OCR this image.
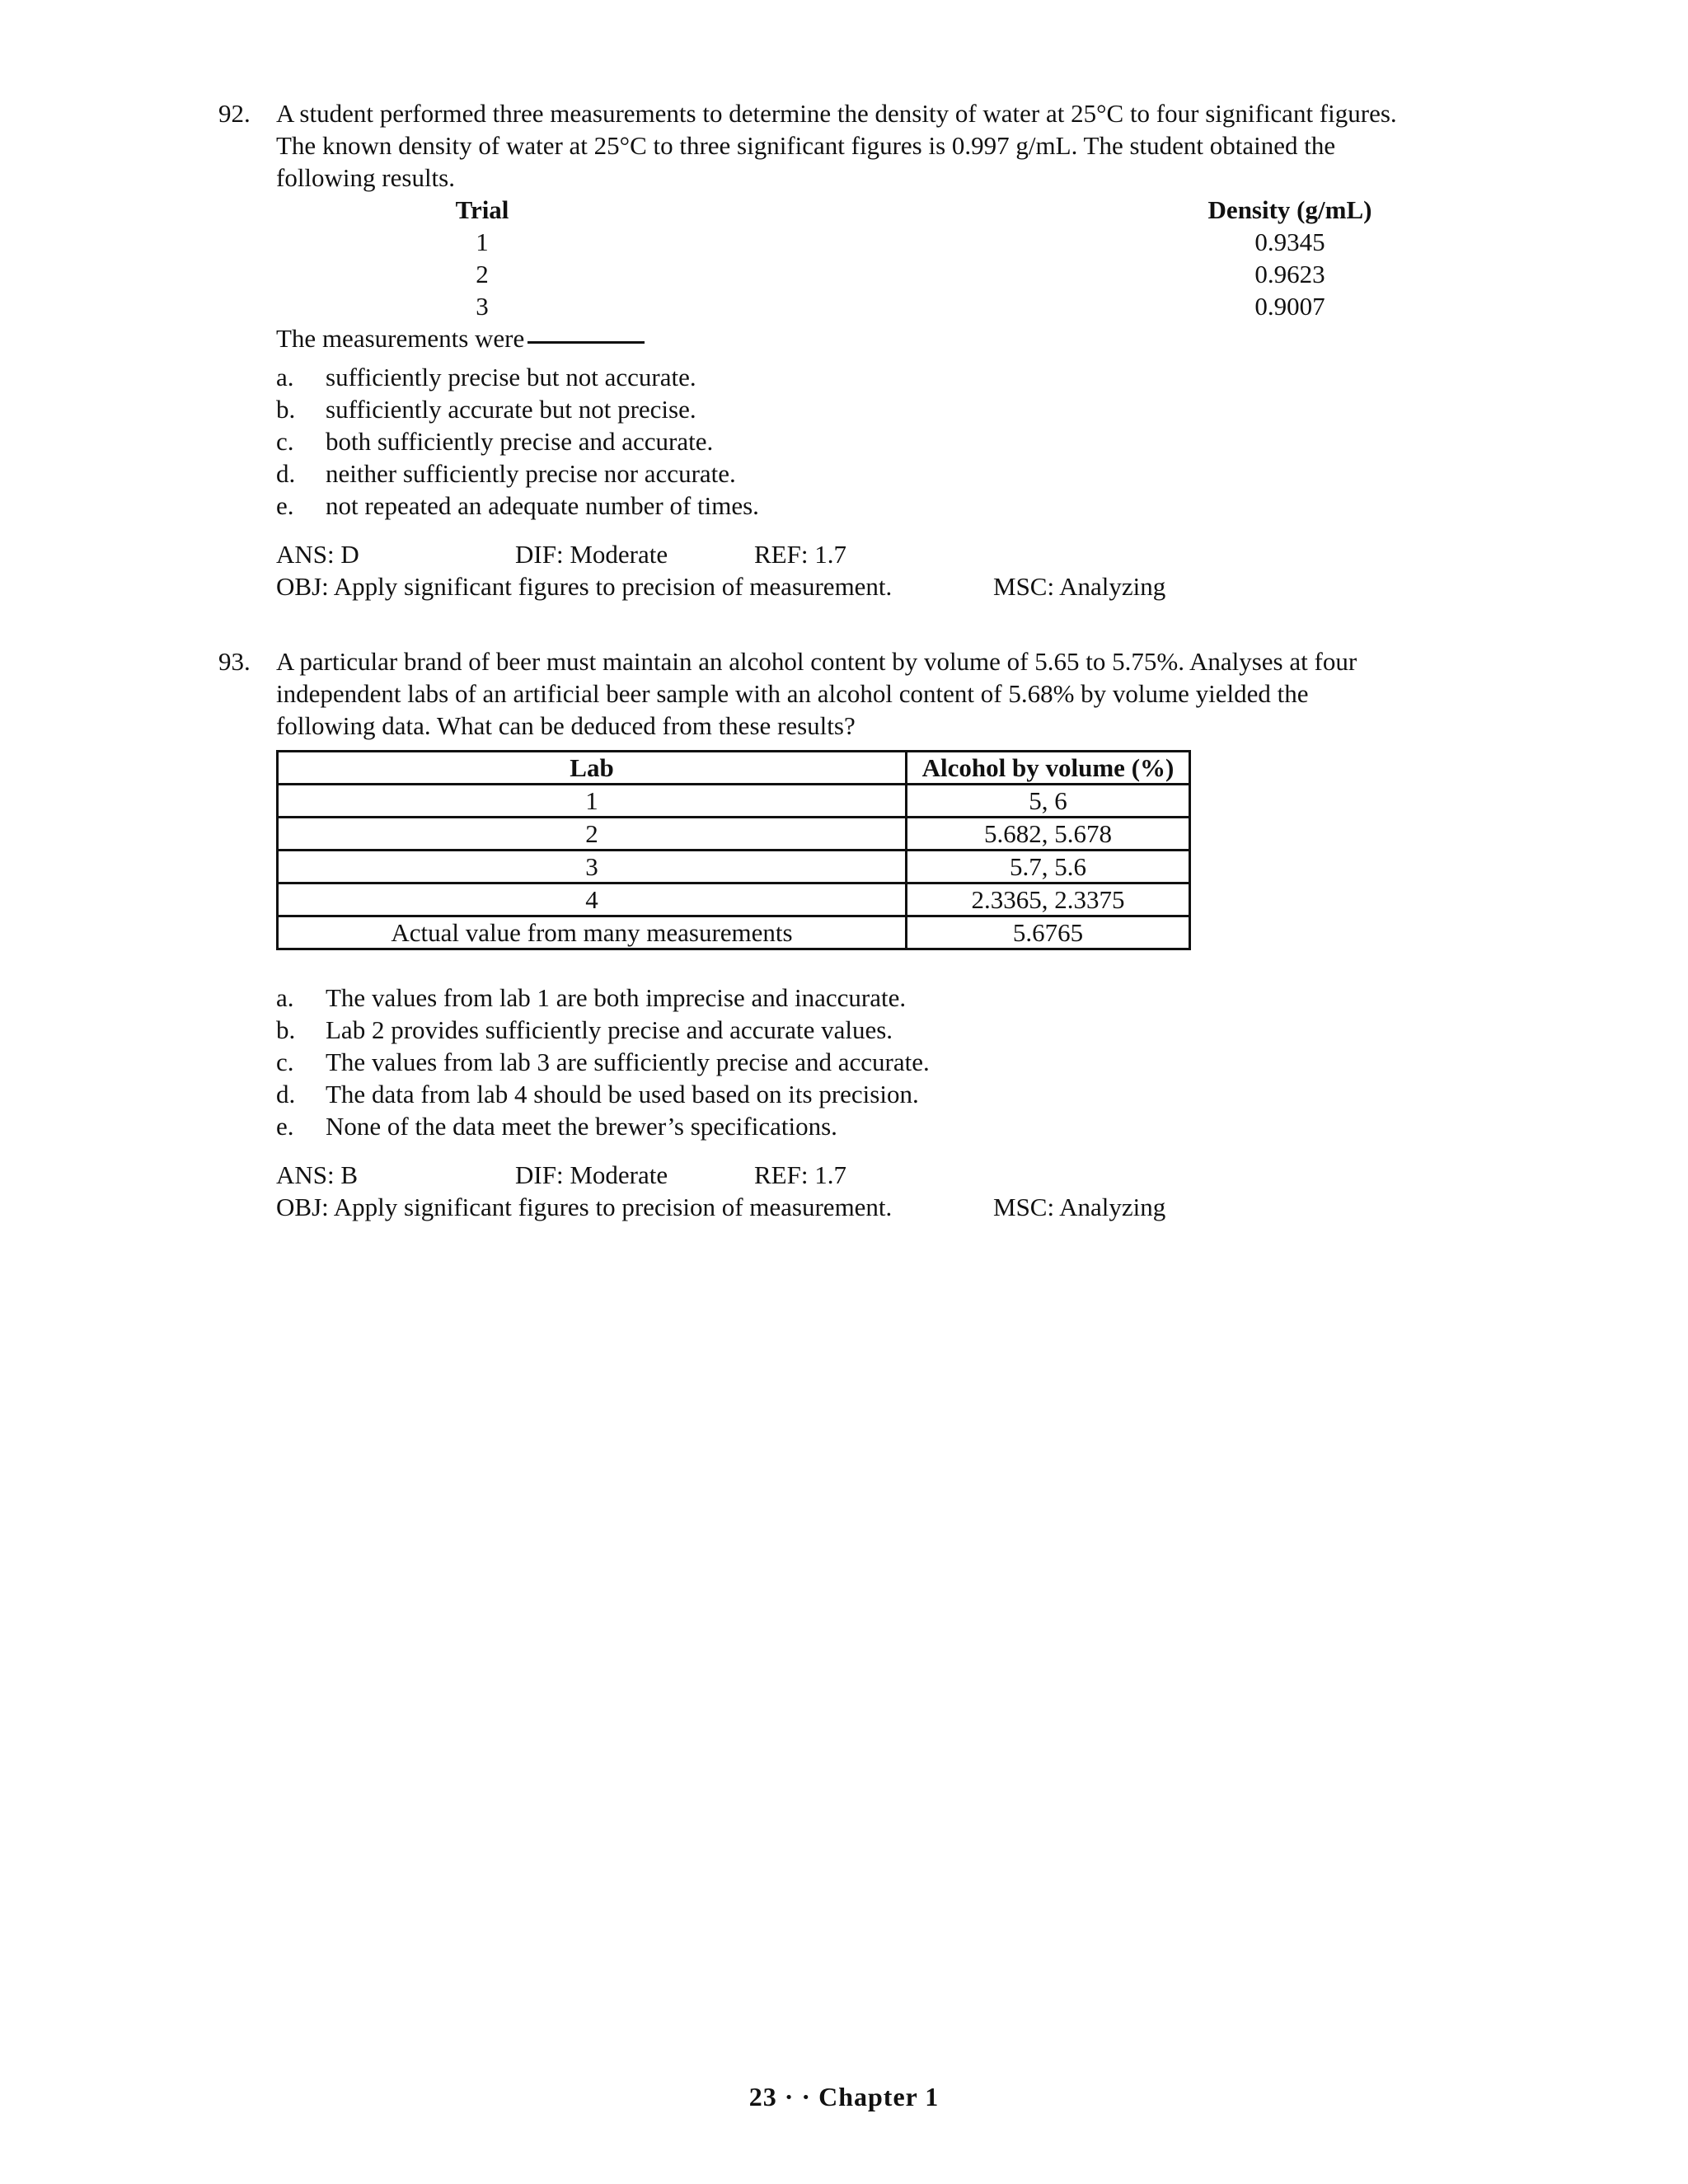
92. A student performed three measurements to determine the density of water at 25°C to four significant figures. The known density of water at 25°C to three significant figures is 0.997 g/mL. The student obtained the following results.

Trial	Density (g/mL)
1	0.9345
2	0.9623
3	0.9007
The measurements were
a. sufficiently precise but not accurate.
b. sufficiently accurate but not precise.
c. both sufficiently precise and accurate.
d. neither sufficiently precise nor accurate.
e. not repeated an adequate number of times.
ANS: D	DIF: Moderate	REF: 1.7
OBJ: Apply significant figures to precision of measurement.	MSC: Analyzing
93. A particular brand of beer must maintain an alcohol content by volume of 5.65 to 5.75%. Analyses at four independent labs of an artificial beer sample with an alcohol content of 5.68% by volume yielded the following data. What can be deduced from these results?

Lab	Alcohol by volume (%)
1	5, 6
2	5.682, 5.678
3	5.7, 5.6
4	2.3365, 2.3375
Actual value from many measurements	5.6765
a. The values from lab 1 are both imprecise and inaccurate.
b. Lab 2 provides sufficiently precise and accurate values.
c. The values from lab 3 are sufficiently precise and accurate.
d. The data from lab 4 should be used based on its precision.
e. None of the data meet the brewer’s specifications.
ANS: B	DIF: Moderate	REF: 1.7
OBJ: Apply significant figures to precision of measurement.	MSC: Analyzing
23 · · Chapter 1
